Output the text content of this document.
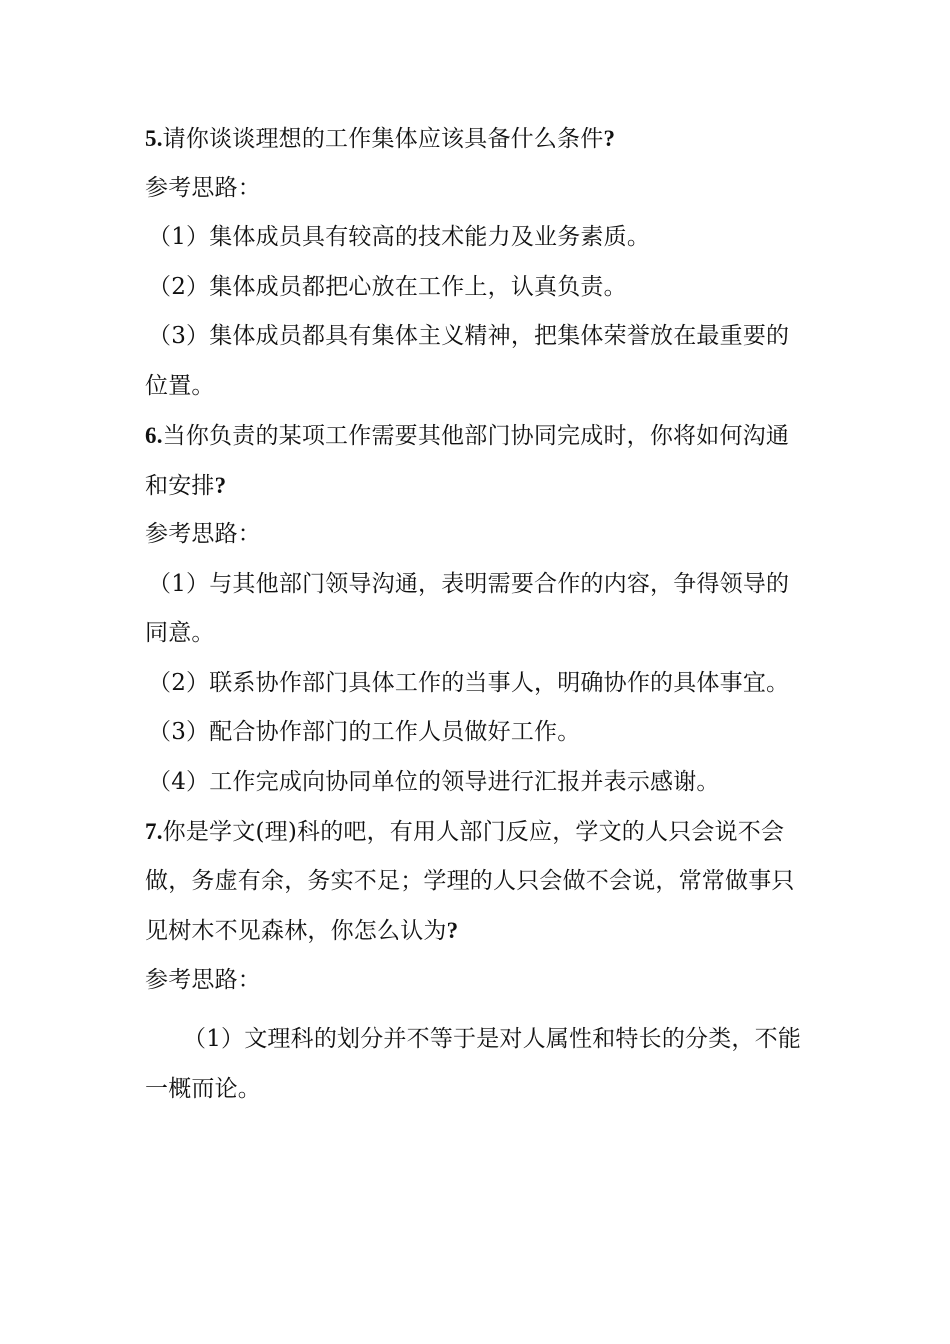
5.请你谈谈理想的工作集体应该具备什么条件?
参考思路：
（1）集体成员具有较高的技术能力及业务素质。
（2）集体成员都把心放在工作上，认真负责。
（3）集体成员都具有集体主义精神，把集体荣誉放在最重要的
位置。
6.当你负责的某项工作需要其他部门协同完成时，你将如何沟通
和安排?
参考思路：
（1）与其他部门领导沟通，表明需要合作的内容，争得领导的
同意。
（2）联系协作部门具体工作的当事人，明确协作的具体事宜。
（3）配合协作部门的工作人员做好工作。
（4）工作完成向协同单位的领导进行汇报并表示感谢。
7.你是学文(理)科的吧，有用人部门反应，学文的人只会说不会
做，务虚有余，务实不足；学理的人只会做不会说，常常做事只
见树木不见森林，你怎么认为?
参考思路：
（1）文理科的划分并不等于是对人属性和特长的分类，不能
一概而论。
